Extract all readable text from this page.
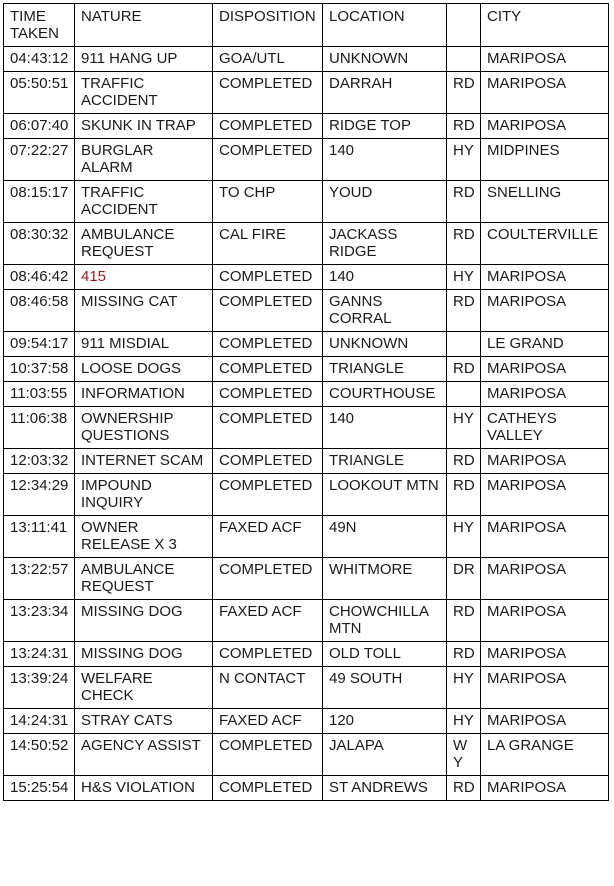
TIME TAKEN	NATURE	DISPOSITION	LOCATION		CITY
04:43:12	911 HANG UP	GOA/UTL	UNKNOWN		MARIPOSA
05:50:51	TRAFFIC ACCIDENT	COMPLETED	DARRAH	RD	MARIPOSA
06:07:40	SKUNK IN TRAP	COMPLETED	RIDGE TOP	RD	MARIPOSA
07:22:27	BURGLAR ALARM	COMPLETED	140	HY	MIDPINES
08:15:17	TRAFFIC ACCIDENT	TO CHP	YOUD	RD	SNELLING
08:30:32	AMBULANCE REQUEST	CAL FIRE	JACKASS RIDGE	RD	COULTERVILLE
08:46:42	415	COMPLETED	140	HY	MARIPOSA
08:46:58	MISSING CAT	COMPLETED	GANNS CORRAL	RD	MARIPOSA
09:54:17	911 MISDIAL	COMPLETED	UNKNOWN		LE GRAND
10:37:58	LOOSE DOGS	COMPLETED	TRIANGLE	RD	MARIPOSA
11:03:55	INFORMATION	COMPLETED	COURTHOUSE		MARIPOSA
11:06:38	OWNERSHIP QUESTIONS	COMPLETED	140	HY	CATHEYS VALLEY
12:03:32	INTERNET SCAM	COMPLETED	TRIANGLE	RD	MARIPOSA
12:34:29	IMPOUND INQUIRY	COMPLETED	LOOKOUT MTN	RD	MARIPOSA
13:11:41	OWNER RELEASE X 3	FAXED ACF	49N	HY	MARIPOSA
13:22:57	AMBULANCE REQUEST	COMPLETED	WHITMORE	DR	MARIPOSA
13:23:34	MISSING DOG	FAXED ACF	CHOWCHILLA MTN	RD	MARIPOSA
13:24:31	MISSING DOG	COMPLETED	OLD TOLL	RD	MARIPOSA
13:39:24	WELFARE CHECK	N CONTACT	49 SOUTH	HY	MARIPOSA
14:24:31	STRAY CATS	FAXED ACF	120	HY	MARIPOSA
14:50:52	AGENCY ASSIST	COMPLETED	JALAPA	WY	LA GRANGE
15:25:54	H&S VIOLATION	COMPLETED	ST ANDREWS	RD	MARIPOSA
